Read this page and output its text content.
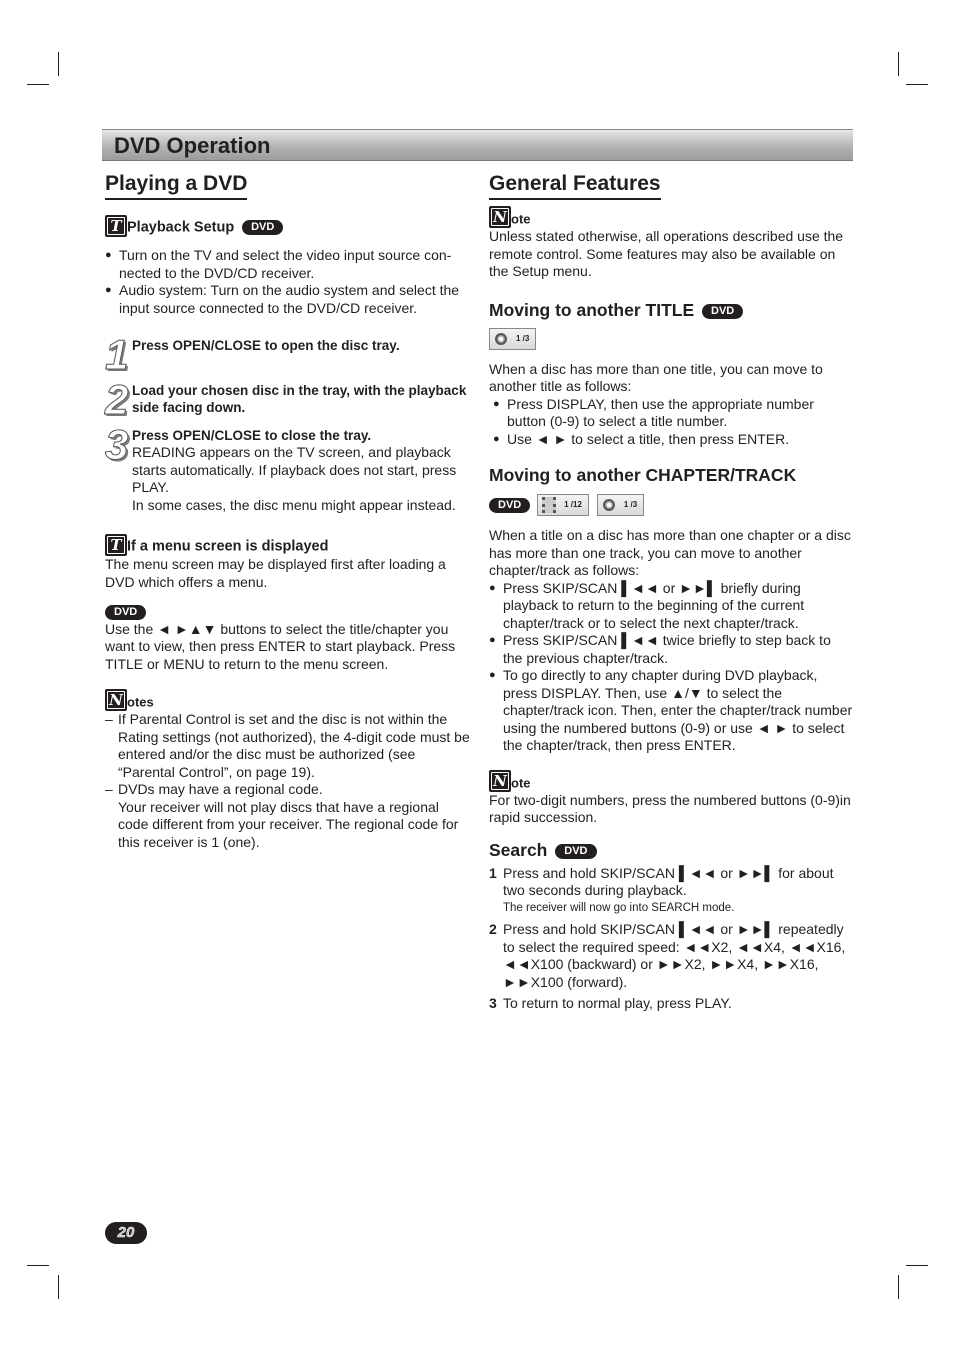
DVD Operation
Playing a DVD
T Playback Setup DVD
● Turn on the TV and select the video input source con-nected to the DVD/CD receiver.
● Audio system: Turn on the audio system and select the input source connected to the DVD/CD receiver.
1 Press OPEN/CLOSE to open the disc tray.
2 Load your chosen disc in the tray, with the playback side facing down.
3 Press OPEN/CLOSE to close the tray.
READING appears on the TV screen, and playback starts automatically. If playback does not start, press PLAY.
In some cases, the disc menu might appear instead.
T If a menu screen is displayed
The menu screen may be displayed first after loading a DVD which offers a menu.
DVD
Use the ◄ ►▲▼ buttons to select the title/chapter you want to view, then press ENTER to start playback. Press TITLE or MENU to return to the menu screen.
N otes
– If Parental Control is set and the disc is not within the Rating settings (not authorized), the 4-digit code must be entered and/or the disc must be authorized (see “Parental Control”, on page 19).
– DVDs may have a regional code.
Your receiver will not play discs that have a regional code different from your receiver. The regional code for this receiver is 1 (one).
General Features
N ote
Unless stated otherwise, all operations described use the remote control. Some features may also be available on the Setup menu.
Moving to another TITLE DVD
1 /3
When a disc has more than one title, you can move to another title as follows:
● Press DISPLAY, then use the appropriate number button (0-9) to select a title number.
● Use ◄ ► to select a title, then press ENTER.
Moving to another CHAPTER/TRACK
DVD	1 /12	1 /3
When a title on a disc has more than one chapter or a disc has more than one track, you can move to another chapter/track as follows:
● Press SKIP/SCAN ▌◄◄ or ►►▌ briefly during playback to return to the beginning of the current chapter/track or to select the next chapter/track.
● Press SKIP/SCAN ▌◄◄ twice briefly to step back to the previous chapter/track.
● To go directly to any chapter during DVD playback, press DISPLAY. Then, use ▲/▼ to select the chapter/track icon. Then, enter the chapter/track number using the numbered buttons (0-9) or use ◄ ► to select the chapter/track, then press ENTER.
N ote
For two-digit numbers, press the numbered buttons (0-9)in rapid succession.
Search DVD
1 Press and hold SKIP/SCAN ▌◄◄ or ►►▌ for about two seconds during playback.
The receiver will now go into SEARCH mode.
2 Press and hold SKIP/SCAN ▌◄◄ or ►►▌ repeatedly to select the required speed: ◄◄X2, ◄◄X4, ◄◄X16, ◄◄X100 (backward) or ►►X2, ►►X4, ►►X16, ►►X100 (forward).
3 To return to normal play, press PLAY.
20
